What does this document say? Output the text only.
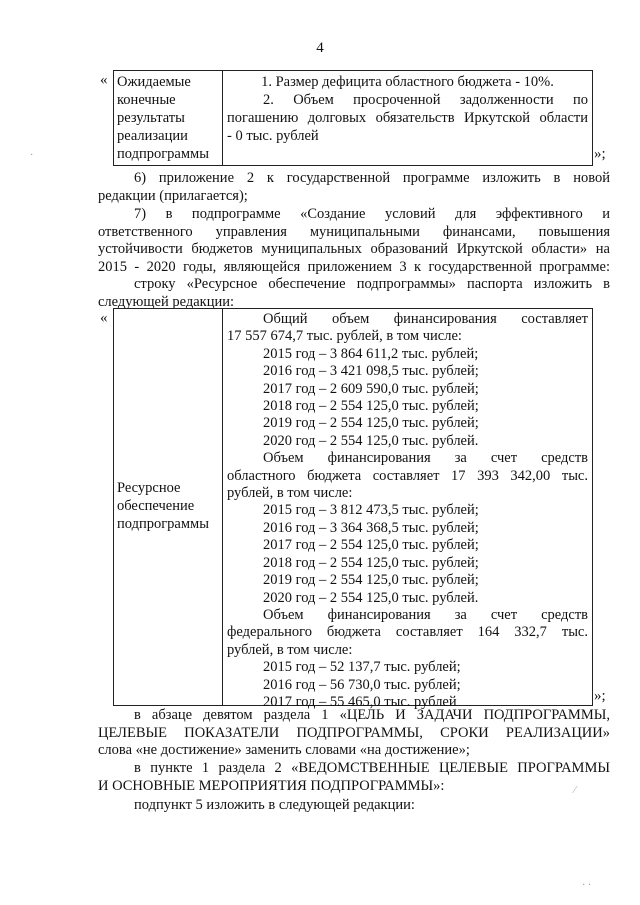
4
« Ожидаемые
конечные
результаты
реализации
подпрограммы
1. Размер дефицита областного бюджета - 10%.
2. Объем просроченной задолженности по
погашению долговых обязательств Иркутской области
- 0 тыс. рублей
»;
6) приложение 2 к государственной программе изложить в новой
редакции (прилагается);
7) в подпрограмме «Создание условий для эффективного и
ответственного управления муниципальными финансами, повышения
устойчивости бюджетов муниципальных образований Иркутской области» на
2015 - 2020 годы, являющейся приложением 3 к государственной программе:
строку «Ресурсное обеспечение подпрограммы» паспорта изложить в
следующей редакции:
«
Ресурсное
обеспечение
подпрограммы
Общий объем финансирования составляет
17 557 674,7 тыс. рублей, в том числе:
2015 год – 3 864 611,2 тыс. рублей;
2016 год – 3 421 098,5 тыс. рублей;
2017 год – 2 609 590,0 тыс. рублей;
2018 год – 2 554 125,0 тыс. рублей;
2019 год – 2 554 125,0 тыс. рублей;
2020 год – 2 554 125,0 тыс. рублей.
Объем финансирования за счет средств
областного бюджета составляет 17 393 342,00 тыс.
рублей, в том числе:
2015 год – 3 812 473,5 тыс. рублей;
2016 год – 3 364 368,5 тыс. рублей;
2017 год – 2 554 125,0 тыс. рублей;
2018 год – 2 554 125,0 тыс. рублей;
2019 год – 2 554 125,0 тыс. рублей;
2020 год – 2 554 125,0 тыс. рублей.
Объем финансирования за счет средств
федерального бюджета составляет 164 332,7 тыс.
рублей, в том числе:
2015 год – 52 137,7 тыс. рублей;
2016 год – 56 730,0 тыс. рублей;
2017 год – 55 465,0 тыс. рублей	»;
в абзаце девятом раздела 1 «ЦЕЛЬ И ЗАДАЧИ ПОДПРОГРАММЫ,
ЦЕЛЕВЫЕ ПОКАЗАТЕЛИ ПОДПРОГРАММЫ, СРОКИ РЕАЛИЗАЦИИ»
слова «не достижение» заменить словами «на достижение»;
в пункте 1 раздела 2 «ВЕДОМСТВЕННЫЕ ЦЕЛЕВЫЕ ПРОГРАММЫ
И ОСНОВНЫЕ МЕРОПРИЯТИЯ ПОДПРОГРАММЫ»:
подпункт 5 изложить в следующей редакции:
·
⁄
· ·
